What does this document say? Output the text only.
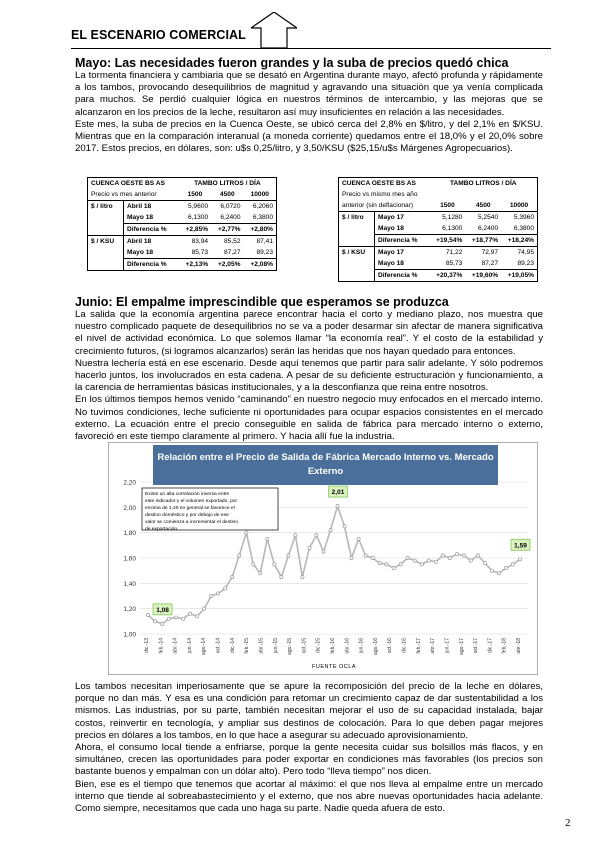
EL ESCENARIO COMERCIAL
Mayo: Las necesidades fueron grandes y la suba de precios quedó chica

La tormenta financiera y cambiaria que se desató en Argentina durante mayo, afectó profunda y rápidamente a los tambos, provocando desequilibrios de magnitud y agravando una situación que ya venía complicada para muchos. Se perdió cualquier lógica en nuestros términos de intercambio, y las mejoras que se alcanzaron en los precios de la leche, resultaron así muy insuficientes en relación a las necesidades.

Este mes, la suba de precios en la Cuenca Oeste, se ubicó cerca del 2,8% en $/litro, y del 2,1% en $/KSU. Mientras que en la comparación interanual (a moneda corriente) quedamos entre el 18,0% y el 20,0% sobre 2017. Estos precios, en dólares, son: u$s 0,25/litro, y 3,50/KSU ($25,15/u$s Márgenes Agropecuarios).

CUENCA OESTE BS AS		TAMBO LITROS / DÍA		
Precio vs mes anterior		1500	4500	10000
$ / litro	Abril 18	5,9600	6,0720	6,2060
	Mayo 18	6,1300	6,2400	6,3800
	Diferencia %	+2,85%	+2,77%	+2,80%
$ / KSU	Abril 18	83,94	85,52	87,41
	Mayo 18	85,73	87,27	89,23
	Diferencia %	+2,13%	+2,05%	+2,08%
CUENCA OESTE BS AS		TAMBO LITROS / DÍA		
Precio vs mismo mes año				
anterior (sin deflacionar)		1500	4500	10000
$ / litro	Mayo 17	5,1280	5,2540	5,3960
	Mayo 18	6,1300	6,2400	6,3800
	Diferencia %	+19,54%	+18,77%	+18,24%
$ / KSU	Mayo 17	71,22	72,97	74,95
	Mayo 18	85,73	87,27	89,23
	Diferencia %	+20,37%	+19,60%	+19,05%
Junio: El empalme imprescindible que esperamos se produzca

La salida que la economía argentina parece encontrar hacia el corto y mediano plazo, nos muestra que nuestro complicado paquete de desequilibrios no se va a poder desarmar sin afectar de manera significativa el nivel de actividad económica. Lo que solemos llamar “la economía real”. Y el costo de la estabilidad y crecimiento futuros, (si logramos alcanzarlos) serán las heridas que nos hayan quedado para entonces.

Nuestra lechería está en ese escenario. Desde aquí tenemos que partir para salir adelante. Y sólo podremos hacerlo juntos, los involucrados en esta cadena. A pesar de su deficiente estructuración y funcionamiento, a la carencia de herramientas básicas institucionales, y a la desconfianza que reina entre nosotros.

En los últimos tiempos hemos venido “caminando” en nuestro negocio muy enfocados en el mercado interno. No tuvimos condiciones, leche suficiente ni oportunidades para ocupar espacios consistentes en el mercado externo. La ecuación entre el precio conseguible en salida de fábrica para mercado interno o externo, favoreció en este tiempo claramente al primero. Y hacia allí fue la industria.

1,00
1,20
1,40
1,60
1,80
2,00
2,20
dic.-13 feb.-14 abr.-14 jun.-14 ago.-14 oct.-14 dic.-14 feb.-15 abr.-15 jun.-15 ago.-15 oct.-15 dic.-15 feb.-16 abr.-16 jun.-16 ago.-16 oct.-16 dic.-16 feb.-17 abr.-17 jun.-17 ago.-17 oct.-17 dic.-17 feb.-18 abr.-18
1,08
2,01
1,59
Existe un alta correlación inversa entre
este indicador y el volumen exportado, por
encima de 1,40 en general se favorece el
destino doméstico y por debajo de ese
valor se comienza a incrementar el destino
de exportación.
Relación entre el Precio de Salida de Fábrica Mercado Interno vs. Mercado Externo
FUENTE OCLA

Los tambos necesitan imperiosamente que se apure la recomposición del precio de la leche en dólares, porque no dan más. Y esa es una condición para retomar un crecimiento capaz de dar sustentabilidad a los mismos. Las industrias, por su parte, también necesitan mejorar el uso de su capacidad instalada, bajar costos, reinvertir en tecnología, y ampliar sus destinos de colocación. Para lo que deben pagar mejores precios en dólares a los tambos, en lo que hace a asegurar su adecuado aprovisionamiento.

Ahora, el consumo local tiende a enfriarse, porque la gente necesita cuidar sus bolsillos más flacos, y en simultáneo, crecen las oportunidades para poder exportar en condiciones más favorables (los precios son bastante buenos y empalman con un dólar alto). Pero todo “lleva tiempo” nos dicen.

Bien, ese es el tiempo que tenemos que acortar al máximo: el que nos lleva al empalme entre un mercado interno que tiende al sobreabastecimiento y el externo, que nos abre nuevas oportunidades hacia adelante. Como siempre, necesitamos que cada uno haga su parte. Nadie queda afuera de esto.

2
